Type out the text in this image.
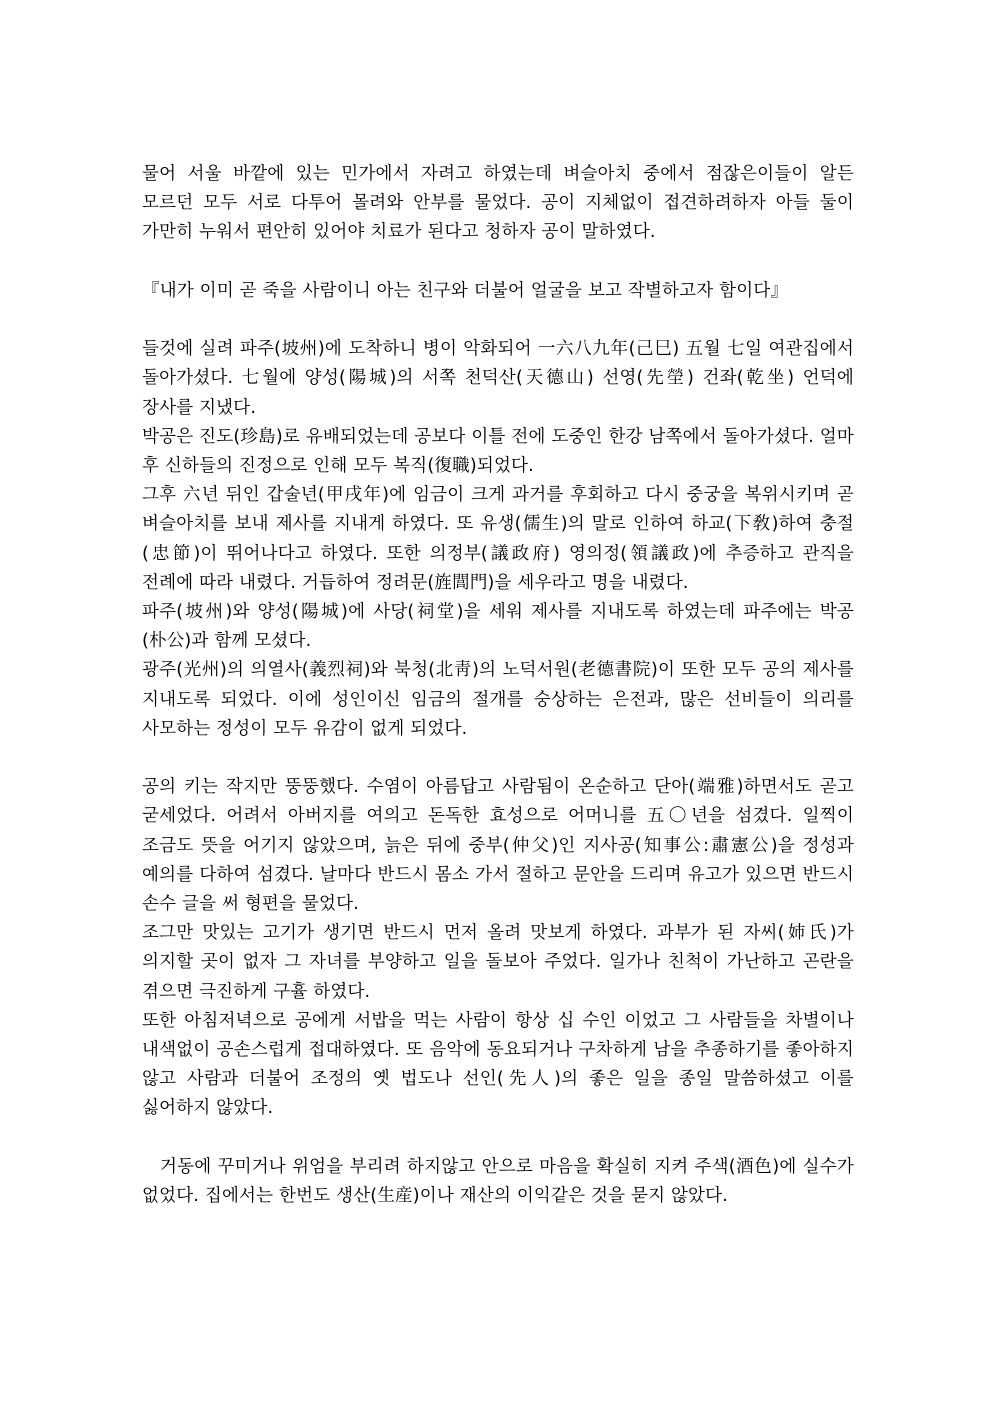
물어 서울 바깥에 있는 민가에서 자려고 하였는데 벼슬아치 중에서 점잖은이들이 알든 모르던 모두 서로 다투어 몰려와 안부를 물었다. 공이 지체없이 접견하려하자 아들 둘이 가만히 누워서 편안히 있어야 치료가 된다고 청하자 공이 말하였다.

『내가 이미 곧 죽을 사람이니 아는 친구와 더불어 얼굴을 보고 작별하고자 함이다』

들것에 실려 파주(坡州)에 도착하니 병이 악화되어 一六八九年(己巳) 五월 七일 여관집에서 돌아가셨다. 七월에 양성(陽城)의 서쪽 천덕산(天德山) 선영(先塋) 건좌(乾坐) 언덕에 장사를 지냈다.

박공은 진도(珍島)로 유배되었는데 공보다 이틀 전에 도중인 한강 남쪽에서 돌아가셨다. 얼마 후 신하들의 진정으로 인해 모두 복직(復職)되었다.

그후 六년 뒤인 갑술년(甲戌年)에 임금이 크게 과거를 후회하고 다시 중궁을 복위시키며 곧 벼슬아치를 보내 제사를 지내게 하였다. 또 유생(儒生)의 말로 인하여 하교(下敎)하여 충절(忠節)이 뛰어나다고 하였다. 또한 의정부(議政府) 영의정(領議政)에 추증하고 관직을 전례에 따라 내렸다. 거듭하여 정려문(旌閭門)을 세우라고 명을 내렸다.

파주(坡州)와 양성(陽城)에 사당(祠堂)을 세워 제사를 지내도록 하였는데 파주에는 박공(朴公)과 함께 모셨다.

광주(光州)의 의열사(義烈祠)와 북청(北靑)의 노덕서원(老德書院)이 또한 모두 공의 제사를 지내도록 되었다. 이에 성인이신 임금의 절개를 숭상하는 은전과, 많은 선비들이 의리를 사모하는 정성이 모두 유감이 없게 되었다.

공의 키는 작지만 뚱뚱했다. 수염이 아름답고 사람됨이 온순하고 단아(端雅)하면서도 곧고 굳세었다. 어려서 아버지를 여의고 돈독한 효성으로 어머니를 五〇년을 섬겼다. 일찍이 조금도 뜻을 어기지 않았으며, 늙은 뒤에 중부(仲父)인 지사공(知事公:肅憲公)을 정성과 예의를 다하여 섬겼다. 날마다 반드시 몸소 가서 절하고 문안을 드리며 유고가 있으면 반드시 손수 글을 써 형편을 물었다.

조그만 맛있는 고기가 생기면 반드시 먼저 올려 맛보게 하였다. 과부가 된 자씨(姉氏)가 의지할 곳이 없자 그 자녀를 부양하고 일을 돌보아 주었다. 일가나 친척이 가난하고 곤란을 겪으면 극진하게 구휼 하였다.

또한 아침저녁으로 공에게 서밥을 먹는 사람이 항상 십 수인 이었고 그 사람들을 차별이나 내색없이 공손스럽게 접대하였다. 또 음악에 동요되거나 구차하게 남을 추종하기를 좋아하지 않고 사람과 더불어 조정의 옛 법도나 선인(先人)의 좋은 일을 종일 말씀하셨고 이를 싫어하지 않았다.

거동에 꾸미거나 위엄을 부리려 하지않고 안으로 마음을 확실히 지켜 주색(酒色)에 실수가 없었다. 집에서는 한번도 생산(生産)이나 재산의 이익같은 것을 묻지 않았다.
